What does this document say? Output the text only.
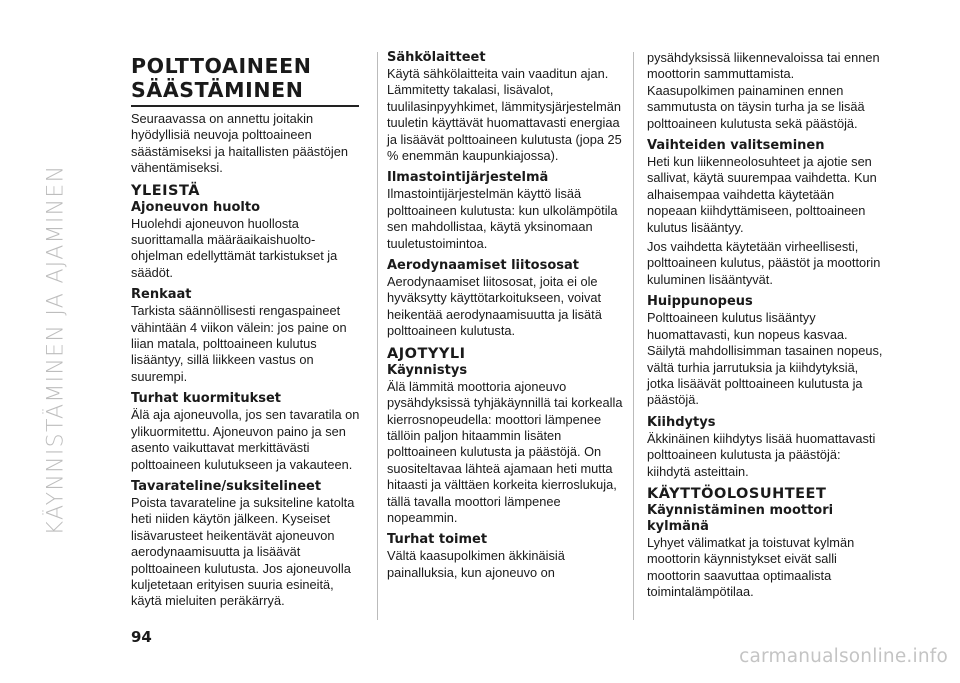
KÄYNNISTÄMINEN JA AJAMINEN
POLTTOAINEEN
SÄÄSTÄMINEN

Seuraavassa on annettu joitakin hyödyllisiä neuvoja polttoaineen säästämiseksi ja haitallisten päästöjen vähentämiseksi.

YLEISTÄ
Ajoneuvon huolto

Huolehdi ajoneuvon huollosta suorittamalla määräaikaishuolto-ohjelman edellyttämät tarkistukset ja säädöt.

Renkaat

Tarkista säännöllisesti rengaspaineet vähintään 4 viikon välein: jos paine on liian matala, polttoaineen kulutus lisääntyy, sillä liikkeen vastus on suurempi.

Turhat kuormitukset

Älä aja ajoneuvolla, jos sen tavaratila on ylikuormitettu. Ajoneuvon paino ja sen asento vaikuttavat merkittävästi polttoaineen kulutukseen ja vakauteen.

Tavarateline/suksitelineet

Poista tavarateline ja suksiteline katolta heti niiden käytön jälkeen. Kyseiset lisävarusteet heikentävät ajoneuvon aerodynaamisuutta ja lisäävät polttoaineen kulutusta. Jos ajoneuvolla kuljetetaan erityisen suuria esineitä, käytä mieluiten peräkärryä.

Sähkölaitteet

Käytä sähkölaitteita vain vaaditun ajan. Lämmitetty takalasi, lisävalot, tuulilasinpyyhkimet, lämmitysjärjestelmän tuuletin käyttävät huomattavasti energiaa ja lisäävät polttoaineen kulutusta (jopa 25 % enemmän kaupunkiajossa).

Ilmastointijärjestelmä

Ilmastointijärjestelmän käyttö lisää polttoaineen kulutusta: kun ulkolämpötila sen mahdollistaa, käytä yksinomaan tuuletustoimintoa.

Aerodynaamiset liitososat

Aerodynaamiset liitososat, joita ei ole hyväksytty käyttötarkoitukseen, voivat heikentää aerodynaamisuutta ja lisätä polttoaineen kulutusta.

AJOTYYLI
Käynnistys

Älä lämmitä moottoria ajoneuvo pysähdyksissä tyhjäkäynnillä tai korkealla kierrosnopeudella: moottori lämpenee tällöin paljon hitaammin lisäten polttoaineen kulutusta ja päästöjä. On suositeltavaa lähteä ajamaan heti mutta hitaasti ja välttäen korkeita kierroslukuja, tällä tavalla moottori lämpenee nopeammin.

Turhat toimet

Vältä kaasupolkimen äkkinäisiä painalluksia, kun ajoneuvo on

pysähdyksissä liikennevaloissa tai ennen moottorin sammuttamista. Kaasupolkimen painaminen ennen sammutusta on täysin turha ja se lisää polttoaineen kulutusta sekä päästöjä.

Vaihteiden valitseminen

Heti kun liikenneolosuhteet ja ajotie sen sallivat, käytä suurempaa vaihdetta. Kun alhaisempaa vaihdetta käytetään nopeaan kiihdyttämiseen, polttoaineen kulutus lisääntyy.

Jos vaihdetta käytetään virheellisesti, polttoaineen kulutus, päästöt ja moottorin kuluminen lisääntyvät.

Huippunopeus

Polttoaineen kulutus lisääntyy huomattavasti, kun nopeus kasvaa. Säilytä mahdollisimman tasainen nopeus, vältä turhia jarrutuksia ja kiihdytyksiä, jotka lisäävät polttoaineen kulutusta ja päästöjä.

Kiihdytys

Äkkinäinen kiihdytys lisää huomattavasti polttoaineen kulutusta ja päästöjä: kiihdytä asteittain.

KÄYTTÖOLOSUHTEET
Käynnistäminen moottori kylmänä

Lyhyet välimatkat ja toistuvat kylmän moottorin käynnistykset eivät salli moottorin saavuttaa optimaalista toimintalämpötilaa.

94
carmanualsonline.info
